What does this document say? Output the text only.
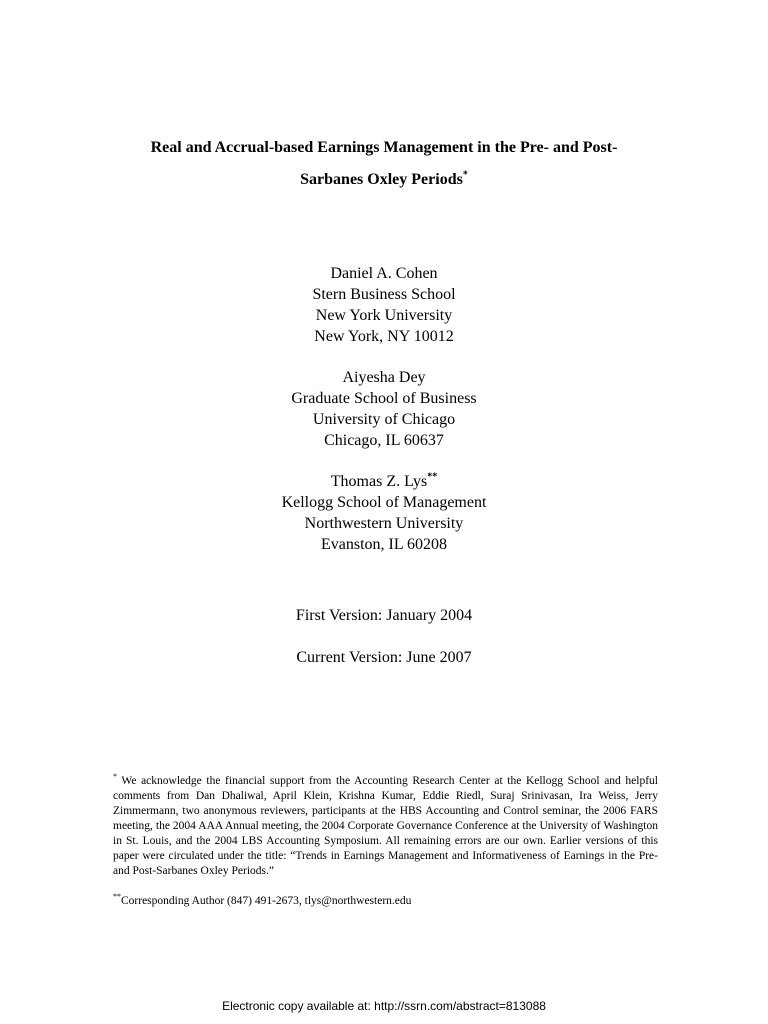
Real and Accrual-based Earnings Management in the Pre- and Post-
Sarbanes Oxley Periods*
Daniel A. Cohen
Stern Business School
New York University
New York, NY 10012
Aiyesha Dey
Graduate School of Business
University of Chicago
Chicago, IL 60637
Thomas Z. Lys**
Kellogg School of Management
Northwestern University
Evanston, IL 60208
First Version: January 2004
Current Version: June 2007
* We acknowledge the financial support from the Accounting Research Center at the Kellogg School and helpful comments from Dan Dhaliwal, April Klein, Krishna Kumar, Eddie Riedl, Suraj Srinivasan, Ira Weiss, Jerry Zimmermann, two anonymous reviewers, participants at the HBS Accounting and Control seminar, the 2006 FARS meeting, the 2004 AAA Annual meeting, the 2004 Corporate Governance Conference at the University of Washington in St. Louis, and the 2004 LBS Accounting Symposium. All remaining errors are our own. Earlier versions of this paper were circulated under the title: “Trends in Earnings Management and Informativeness of Earnings in the Pre- and Post-Sarbanes Oxley Periods.”
**Corresponding Author (847) 491-2673, tlys@northwestern.edu
Electronic copy available at: http://ssrn.com/abstract=813088
